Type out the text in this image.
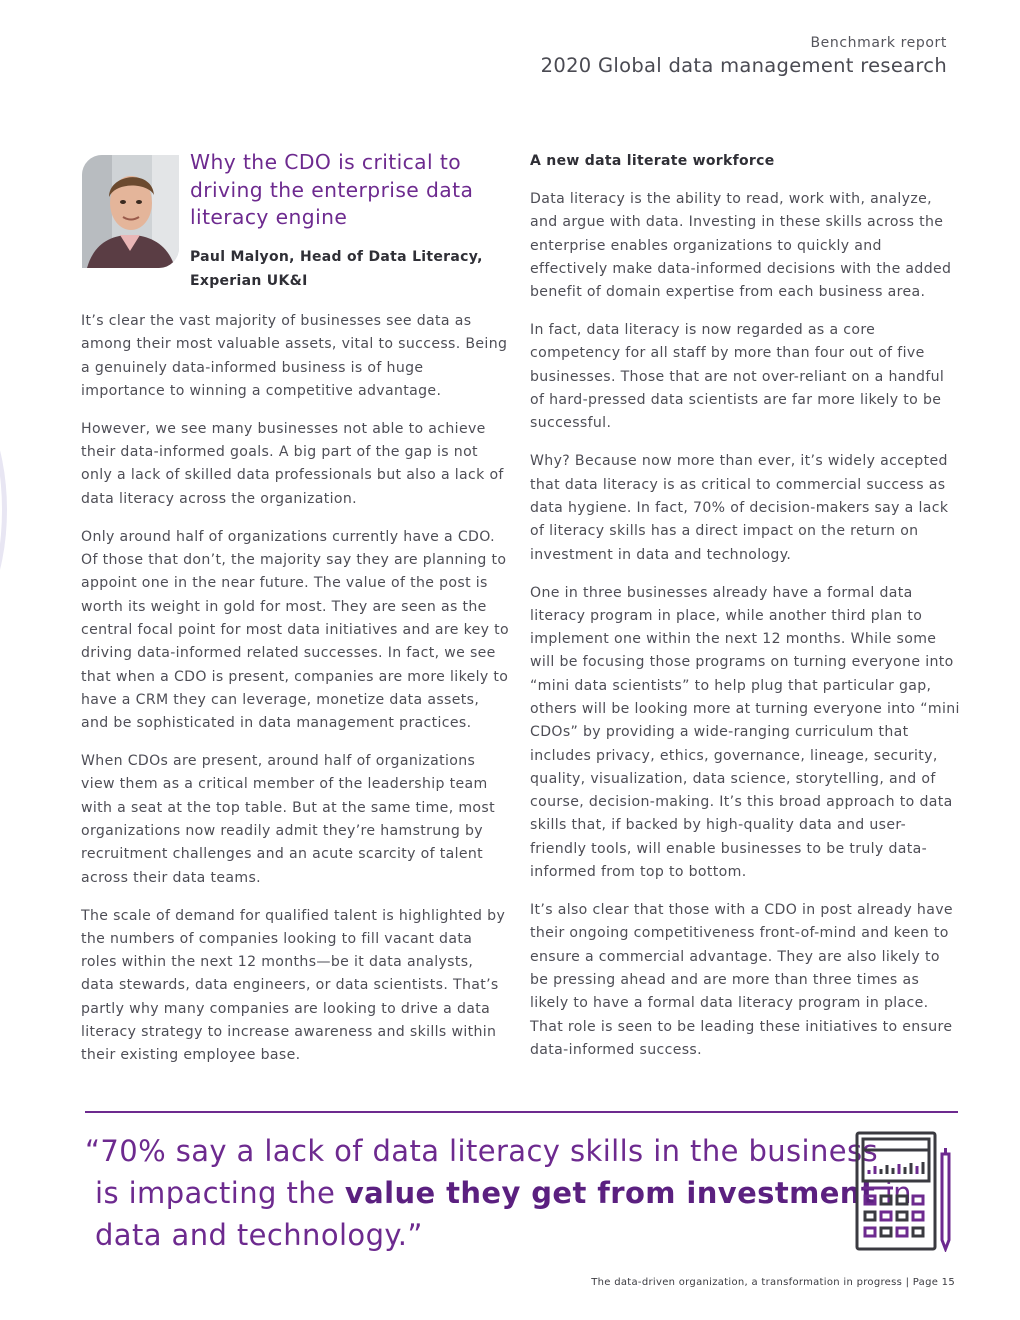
Benchmark report
2020 Global data management research
Why the CDO is critical to driving the enterprise data literacy engine
Paul Malyon, Head of Data Literacy,
Experian UK&I

It’s clear the vast majority of businesses see data as among their most valuable assets, vital to success. Being a genuinely data-informed business is of huge importance to winning a competitive advantage.

However, we see many businesses not able to achieve their data-informed goals. A big part of the gap is not only a lack of skilled data professionals but also a lack of data literacy across the organization.

Only around half of organizations currently have a CDO. Of those that don’t, the majority say they are planning to appoint one in the near future. The value of the post is worth its weight in gold for most. They are seen as the central focal point for most data initiatives and are key to driving data-informed related successes. In fact, we see that when a CDO is present, companies are more likely to have a CRM they can leverage, monetize data assets, and be sophisticated in data management practices.

When CDOs are present, around half of organizations view them as a critical member of the leadership team with a seat at the top table. But at the same time, most organizations now readily admit they’re hamstrung by recruitment challenges and an acute scarcity of talent across their data teams.

The scale of demand for qualified talent is highlighted by the numbers of companies looking to fill vacant data roles within the next 12 months—be it data analysts, data stewards, data engineers, or data scientists. That’s partly why many companies are looking to drive a data literacy strategy to increase awareness and skills within their existing employee base.

A new data literate workforce

Data literacy is the ability to read, work with, analyze, and argue with data. Investing in these skills across the enterprise enables organizations to quickly and effectively make data-informed decisions with the added benefit of domain expertise from each business area.

In fact, data literacy is now regarded as a core competency for all staff by more than four out of five businesses. Those that are not over-reliant on a handful of hard-pressed data scientists are far more likely to be successful.

Why? Because now more than ever, it’s widely accepted that data literacy is as critical to commercial success as data hygiene. In fact, 70% of decision-makers say a lack of literacy skills has a direct impact on the return on investment in data and technology.

One in three businesses already have a formal data literacy program in place, while another third plan to implement one within the next 12 months. While some will be focusing those programs on turning everyone into “mini data scientists” to help plug that particular gap, others will be looking more at turning everyone into “mini CDOs” by providing a wide-ranging curriculum that includes privacy, ethics, governance, lineage, security, quality, visualization, data science, storytelling, and of course, decision-making. It’s this broad approach to data skills that, if backed by high-quality data and user-friendly tools, will enable businesses to be truly data-informed from top to bottom.

It’s also clear that those with a CDO in post already have their ongoing competitiveness front-of-mind and keen to ensure a commercial advantage. They are also likely to be pressing ahead and are more than three times as likely to have a formal data literacy program in place. That role is seen to be leading these initiatives to ensure data-informed success.

“70% say a lack of data literacy skills in the business
is impacting the value they get from investment in
data and technology.”
The data-driven organization, a transformation in progress | Page 15
